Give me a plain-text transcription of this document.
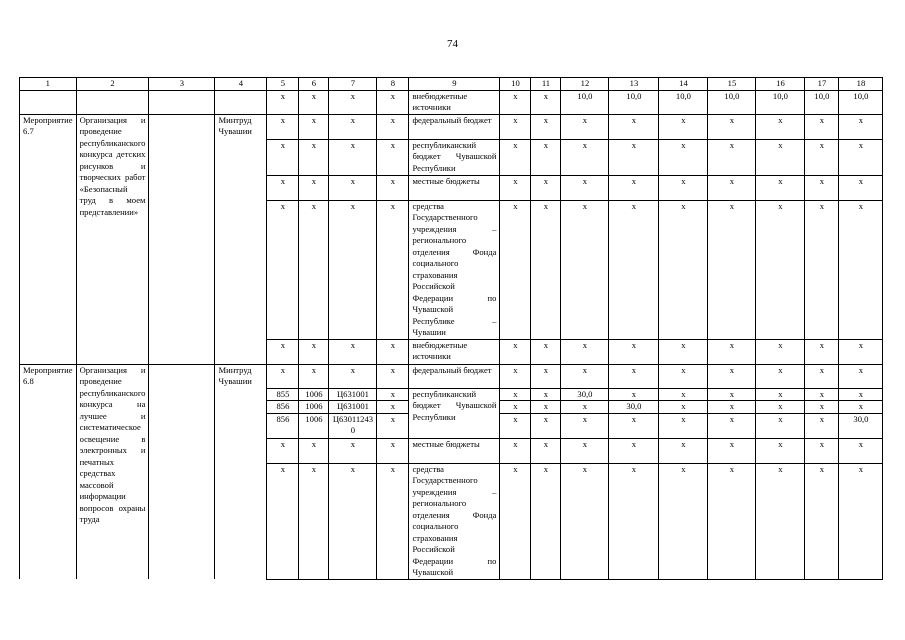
74
1	2	3	4	5	6	7	8	9	10	11	12	13	14	15	16	17	18
				x	x	x	x	внебюджетные источники	x	x	10,0	10,0	10,0	10,0	10,0	10,0	10,0
Мероприятие 6.7	Организация и проведение республиканского конкурса детских рисунков и творческих работ «Безопасный труд в моем представлении»		Минтруд Чувашии	x	x	x	x	федеральный бюджет	x	x	x	x	x	x	x	x	x
				x	x	x	x	республиканский бюджет Чувашской Республики	x	x	x	x	x	x	x	x	x
				x	x	x	x	местные бюджеты	x	x	x	x	x	x	x	x	x
				x	x	x	x	средства Государственного учреждения – регионального отделения Фонда социального страхования Российской Федерации по Чувашской Республике – Чувашии	x	x	x	x	x	x	x	x	x
				x	x	x	x	внебюджетные источники	x	x	x	x	x	x	x	x	x
Мероприятие 6.8	Организация и проведение республиканского конкурса на лучшее и систематическое освещение в электронных и печатных средствах массовой информации вопросов охраны труда		Минтруд Чувашии	x	x	x	x	федеральный бюджет	x	x	x	x	x	x	x	x	x
				855	1006	Ц631001	x	республиканский бюджет Чувашской Республики	x	x	30,0	x	x	x	x	x	x
				856	1006	Ц631001	x		x	x	x	30,0	x	x	x	x	x
				856	1006	Ц630112430	x		x	x	x	x	x	x	x	x	30,0
				x	x	x	x	местные бюджеты	x	x	x	x	x	x	x	x	x
				x	x	x	x	средства Государственного учреждения – регионального отделения Фонда социального страхования Российской Федерации по Чувашской	x	x	x	x	x	x	x	x	x
